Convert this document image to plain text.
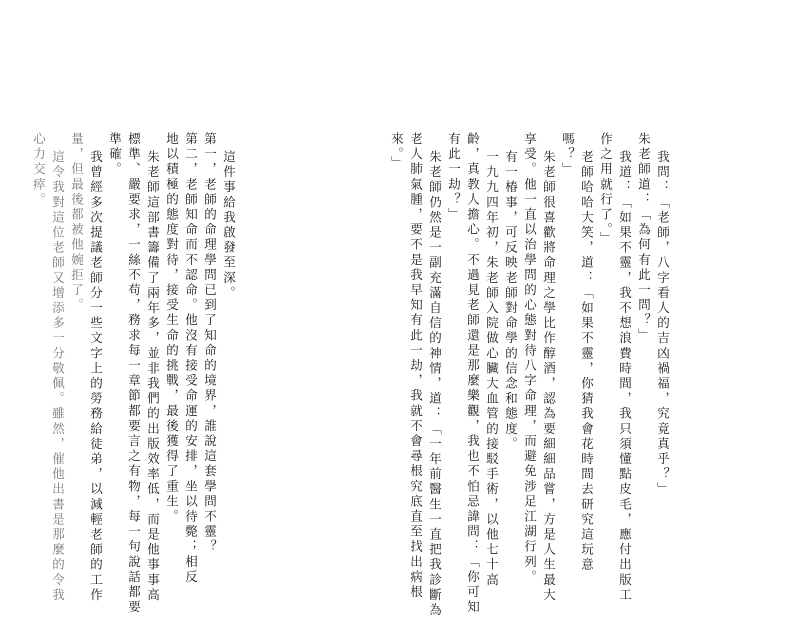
這件事給我啟發至深。
第一，老師的命理學問已到了知命的境界，誰說這套學問不靈？
第二，老師知命而不認命。他沒有接受命運的安排，坐以待斃；相反
地以積極的態度對待，接受生命的挑戰，最後獲得了重生。
朱老師這部書籌備了兩年多，並非我們的出版效率低，而是他事事高
標準、嚴要求，一絲不苟，務求每一章節都要言之有物，每一句說話都要
準確。
我曾經多次提議老師分一些文字上的勞務給徒弟，以減輕老師的工作
量，但最後都被他婉拒了。
這令我對這位老師又增添多一分敬佩。雖然，催他出書是那麼的令我
心力交瘁。	我問：「老師，八字看人的吉凶禍福，究竟真乎？」
朱老師道：「為何有此一問？」
我道：「如果不靈，我不想浪費時間，我只須懂點皮毛，應付出版工
作之用就行了。」
老師哈哈大笑，道：「如果不靈，你猜我會花時間去研究這玩意
嗎？」
朱老師很喜歡將命理之學比作醇酒，認為要細細品嘗，方是人生最大
享受。他一直以治學問的心態對待八字命理，而避免涉足江湖行列。
有一椿事，可反映老師對命學的信念和態度。
一九九四年初，朱老師入院做心臟大血管的接駁手術，以他七十高
齡，真教人擔心。不過見老師還是那麼樂觀，我也不怕忌諱問：「你可知
有此一劫？」
朱老師仍然是一副充滿自信的神情，道：「一年前醫生一直把我診斷為
老人肺氣腫，要不是我早知有此一劫，我就不會尋根究底直至找出病根
來。」
